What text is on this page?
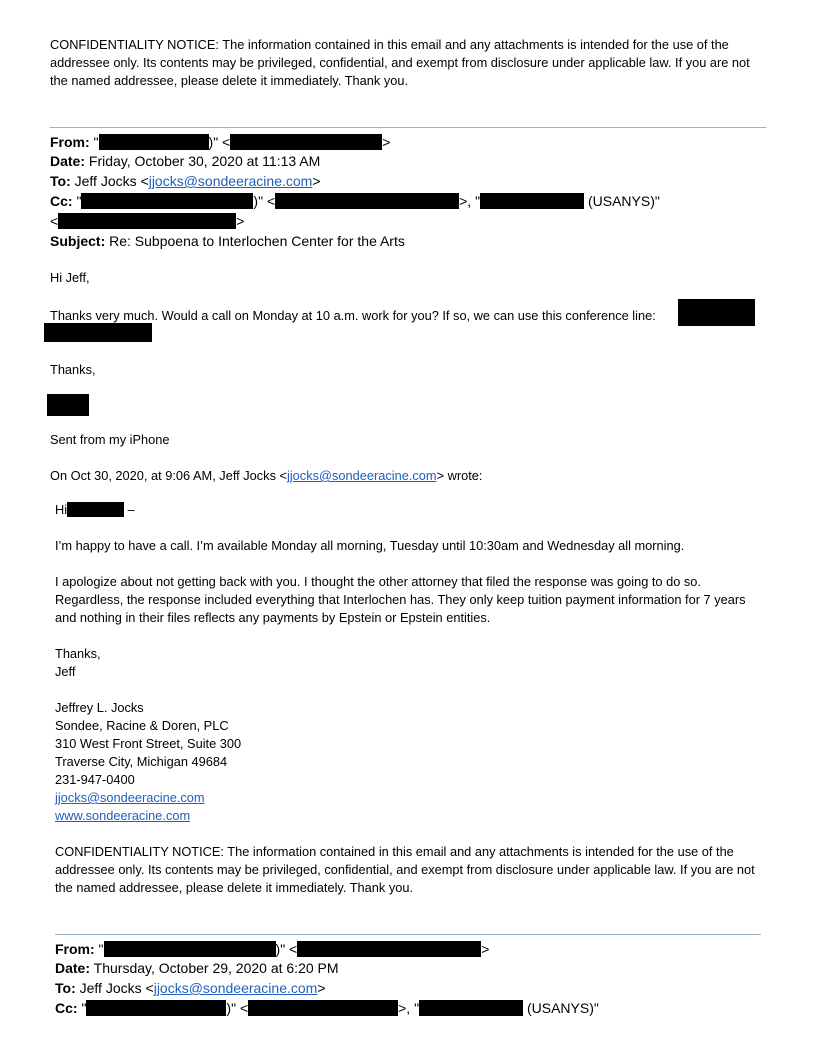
CONFIDENTIALITY NOTICE: The information contained in this email and any attachments is intended for the use of the addressee only. Its contents may be privileged, confidential, and exempt from disclosure under applicable law. If you are not the named addressee, please delete it immediately. Thank you.
From: "	)" <	>
Date: Friday, October 30, 2020 at 11:13 AM
To: Jeff Jocks <jjocks@sondeeracine.com>
Cc: "	)" <	>, "	(USANYS)"
<	>
Subject: Re: Subpoena to Interlochen Center for the Arts
Hi Jeff,
Thanks very much. Would a call on Monday at 10 a.m. work for you? If so, we can use this conference line:
Thanks,
Sent from my iPhone
On Oct 30, 2020, at 9:06 AM, Jeff Jocks <jjocks@sondeeracine.com> wrote:
Hi	–
I’m happy to have a call. I’m available Monday all morning, Tuesday until 10:30am and Wednesday all morning.
I apologize about not getting back with you. I thought the other attorney that filed the response was going to do so. Regardless, the response included everything that Interlochen has. They only keep tuition payment information for 7 years and nothing in their files reflects any payments by Epstein or Epstein entities.
Thanks,
Jeff
Jeffrey L. Jocks
Sondee, Racine & Doren, PLC
310 West Front Street, Suite 300
Traverse City, Michigan 49684
231-947-0400
jjocks@sondeeracine.com
www.sondeeracine.com
CONFIDENTIALITY NOTICE: The information contained in this email and any attachments is intended for the use of the addressee only. Its contents may be privileged, confidential, and exempt from disclosure under applicable law. If you are not the named addressee, please delete it immediately. Thank you.
From: "	)" <	>
Date: Thursday, October 29, 2020 at 6:20 PM
To: Jeff Jocks <jjocks@sondeeracine.com>
Cc: "	)" <	>, "	(USANYS)"
